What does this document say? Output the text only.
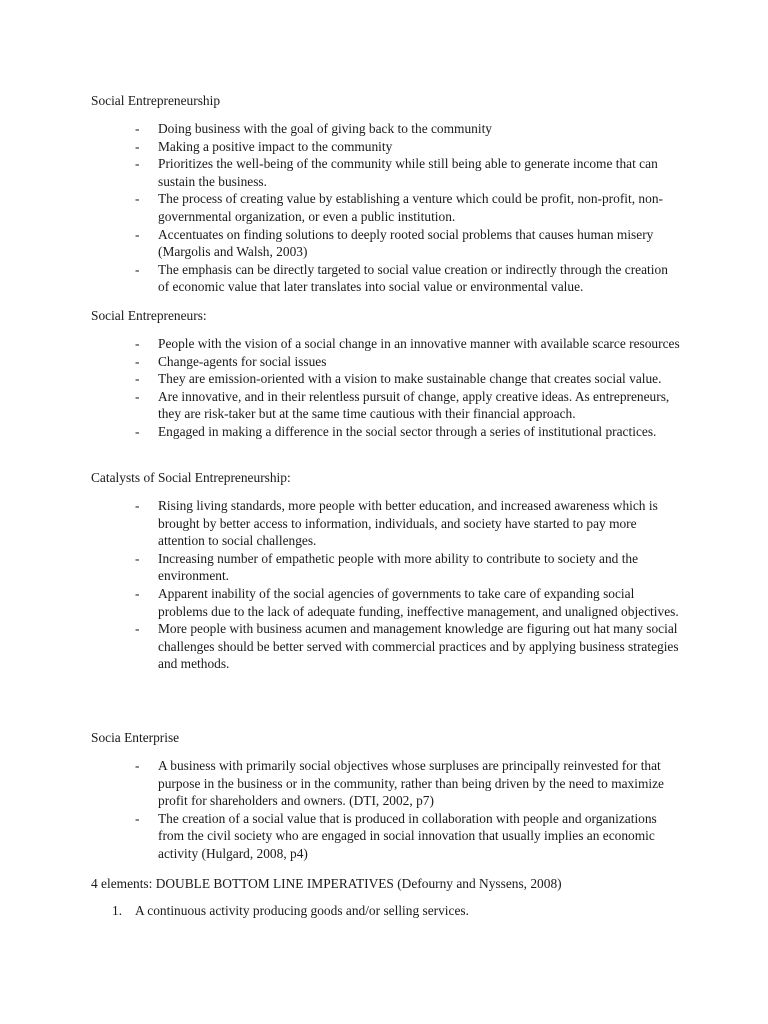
Social Entrepreneurship
- Doing business with the goal of giving back to the community
- Making a positive impact to the community
- Prioritizes the well-being of the community while still being able to generate income that can sustain the business.
- The process of creating value by establishing a venture which could be profit, non-profit, non-governmental organization, or even a public institution.
- Accentuates on finding solutions to deeply rooted social problems that causes human misery (Margolis and Walsh, 2003)
- The emphasis can be directly targeted to social value creation or indirectly through the creation of economic value that later translates into social value or environmental value.
Social Entrepreneurs:
- People with the vision of a social change in an innovative manner with available scarce resources
- Change-agents for social issues
- They are emission-oriented with a vision to make sustainable change that creates social value.
- Are innovative, and in their relentless pursuit of change, apply creative ideas. As entrepreneurs, they are risk-taker but at the same time cautious with their financial approach.
- Engaged in making a difference in the social sector through a series of institutional practices.
Catalysts of Social Entrepreneurship:
- Rising living standards, more people with better education, and increased awareness which is brought by better access to information, individuals, and society have started to pay more attention to social challenges.
- Increasing number of empathetic people with more ability to contribute to society and the environment.
- Apparent inability of the social agencies of governments to take care of expanding social problems due to the lack of adequate funding, ineffective management, and unaligned objectives.
- More people with business acumen and management knowledge are figuring out hat many social challenges should be better served with commercial practices and by applying business strategies and methods.
Socia Enterprise
- A business with primarily social objectives whose surpluses are principally reinvested for that purpose in the business or in the community, rather than being driven by the need to maximize profit for shareholders and owners. (DTI, 2002, p7)
- The creation of a social value that is produced in collaboration with people and organizations from the civil society who are engaged in social innovation that usually implies an economic activity (Hulgard, 2008, p4)
4 elements: DOUBLE BOTTOM LINE IMPERATIVES (Defourny and Nyssens, 2008)
1. A continuous activity producing goods and/or selling services.
